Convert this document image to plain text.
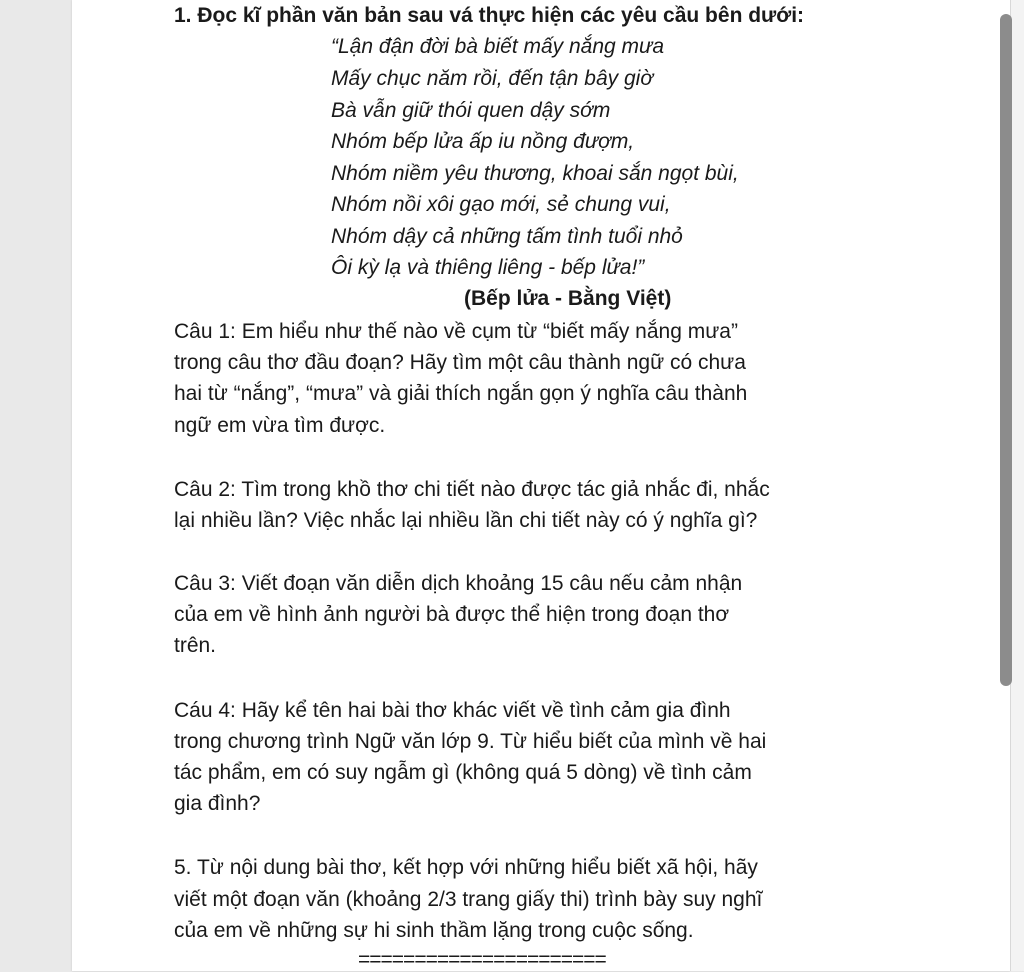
1. Đọc kĩ phần văn bản sau vá thực hiện các yêu cầu bên dưới:
“Lận đận đời bà biết mấy nắng mưa
Mấy chục năm rồi, đến tận bây giờ
Bà vẫn giữ thói quen dậy sớm
Nhóm bếp lửa ấp iu nồng đượm,
Nhóm niềm yêu thương, khoai sắn ngọt bùi,
Nhóm nồi xôi gạo mới, sẻ chung vui,
Nhóm dậy cả những tấm tình tuổi nhỏ
Ôi kỳ lạ và thiêng liêng - bếp lửa!”
(Bếp lửa - Bằng Việt)
Câu 1: Em hiểu như thế nào về cụm từ “biết mấy nắng mưa”
trong câu thơ đầu đoạn? Hãy tìm một câu thành ngữ có chưa
hai từ “nắng”, “mưa” và giải thích ngắn gọn ý nghĩa câu thành
ngữ em vừa tìm được.
Câu 2: Tìm trong khồ thơ chi tiết nào được tác giả nhắc đi, nhắc
lại nhiều lần? Việc nhắc lại nhiều lần chi tiết này có ý nghĩa gì?
Câu 3: Viết đoạn văn diễn dịch khoảng 15 câu nếu cảm nhận
của em về hình ảnh người bà được thể hiện trong đoạn thơ
trên.
Cáu 4: Hãy kể tên hai bài thơ khác viết về tình cảm gia đình
trong chương trình Ngữ văn lớp 9. Từ hiểu biết của mình về hai
tác phẩm, em có suy ngẫm gì (không quá 5 dòng) về tình cảm
gia đình?
5. Từ nội dung bài thơ, kết hợp với những hiểu biết xã hội, hãy
viết một đoạn văn (khoảng 2/3 trang giấy thi) trình bày suy nghĩ
của em về những sự hi sinh thầm lặng trong cuộc sống.
======================
